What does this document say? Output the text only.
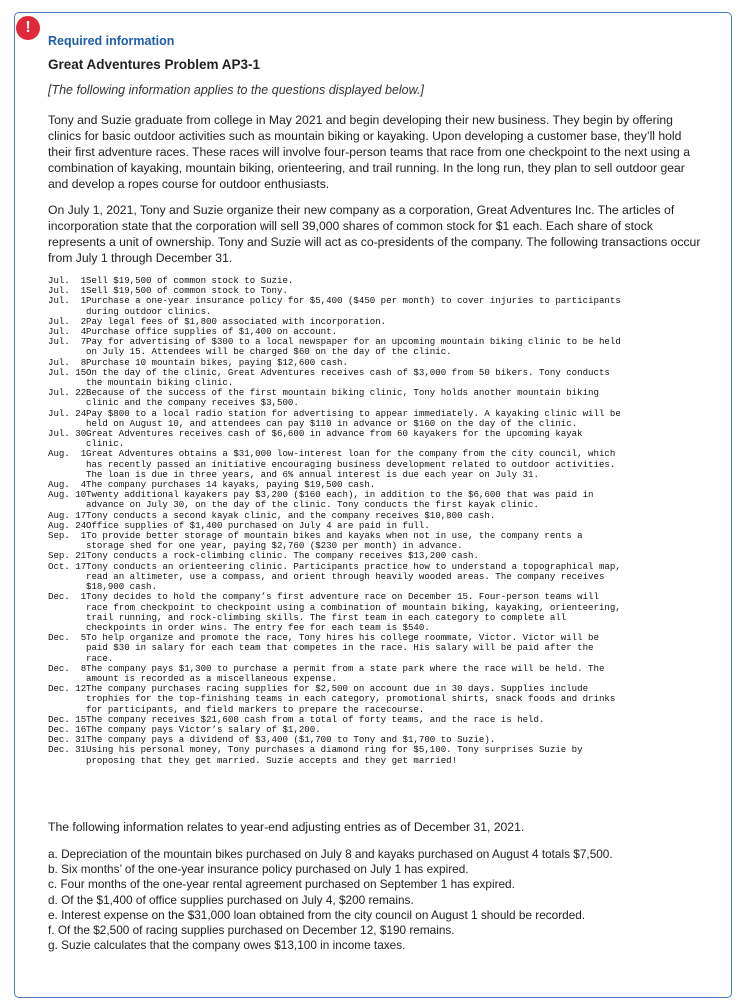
!
Required information
Great Adventures Problem AP3-1
[The following information applies to the questions displayed below.]

Tony and Suzie graduate from college in May 2021 and begin developing their new business. They begin by offering clinics for basic outdoor activities such as mountain biking or kayaking. Upon developing a customer base, they’ll hold their first adventure races. These races will involve four-person teams that race from one checkpoint to the next using a combination of kayaking, mountain biking, orienteering, and trail running. In the long run, they plan to sell outdoor gear and develop a ropes course for outdoor enthusiasts.

On July 1, 2021, Tony and Suzie organize their new company as a corporation, Great Adventures Inc. The articles of incorporation state that the corporation will sell 39,000 shares of common stock for $1 each. Each share of stock represents a unit of ownership. Tony and Suzie will act as co-presidents of the company. The following transactions occur from July 1 through December 31.

Jul.  1 Sell $19,500 of common stock to Suzie.
Jul.  1 Sell $19,500 of common stock to Tony.
Jul.  1 Purchase a one-year insurance policy for $5,400 ($450 per month) to cover injuries to participants
during outdoor clinics.
Jul.  2 Pay legal fees of $1,800 associated with incorporation.
Jul.  4 Purchase office supplies of $1,400 on account.
Jul.  7 Pay for advertising of $300 to a local newspaper for an upcoming mountain biking clinic to be held
on July 15. Attendees will be charged $60 on the day of the clinic.
Jul.  8 Purchase 10 mountain bikes, paying $12,600 cash.
Jul. 15 On the day of the clinic, Great Adventures receives cash of $3,000 from 50 bikers. Tony conducts
the mountain biking clinic.
Jul. 22 Because of the success of the first mountain biking clinic, Tony holds another mountain biking
clinic and the company receives $3,500.
Jul. 24 Pay $800 to a local radio station for advertising to appear immediately. A kayaking clinic will be
held on August 10, and attendees can pay $110 in advance or $160 on the day of the clinic.
Jul. 30 Great Adventures receives cash of $6,600 in advance from 60 kayakers for the upcoming kayak
clinic.
Aug.  1 Great Adventures obtains a $31,000 low-interest loan for the company from the city council, which
has recently passed an initiative encouraging business development related to outdoor activities.
The loan is due in three years, and 6% annual interest is due each year on July 31.
Aug.  4 The company purchases 14 kayaks, paying $19,500 cash.
Aug. 10 Twenty additional kayakers pay $3,200 ($160 each), in addition to the $6,600 that was paid in
advance on July 30, on the day of the clinic. Tony conducts the first kayak clinic.
Aug. 17 Tony conducts a second kayak clinic, and the company receives $10,800 cash.
Aug. 24 Office supplies of $1,400 purchased on July 4 are paid in full.
Sep.  1 To provide better storage of mountain bikes and kayaks when not in use, the company rents a
storage shed for one year, paying $2,760 ($230 per month) in advance.
Sep. 21 Tony conducts a rock-climbing clinic. The company receives $13,200 cash.
Oct. 17 Tony conducts an orienteering clinic. Participants practice how to understand a topographical map,
read an altimeter, use a compass, and orient through heavily wooded areas. The company receives
$18,900 cash.
Dec.  1 Tony decides to hold the company’s first adventure race on December 15. Four-person teams will
race from checkpoint to checkpoint using a combination of mountain biking, kayaking, orienteering,
trail running, and rock-climbing skills. The first team in each category to complete all
checkpoints in order wins. The entry fee for each team is $540.
Dec.  5 To help organize and promote the race, Tony hires his college roommate, Victor. Victor will be
paid $30 in salary for each team that competes in the race. His salary will be paid after the
race.
Dec.  8 The company pays $1,300 to purchase a permit from a state park where the race will be held. The
amount is recorded as a miscellaneous expense.
Dec. 12 The company purchases racing supplies for $2,500 on account due in 30 days. Supplies include
trophies for the top-finishing teams in each category, promotional shirts, snack foods and drinks
for participants, and field markers to prepare the racecourse.
Dec. 15 The company receives $21,600 cash from a total of forty teams, and the race is held.
Dec. 16 The company pays Victor’s salary of $1,200.
Dec. 31 The company pays a dividend of $3,400 ($1,700 to Tony and $1,700 to Suzie).
Dec. 31 Using his personal money, Tony purchases a diamond ring for $5,100. Tony surprises Suzie by
proposing that they get married. Suzie accepts and they get married!
The following information relates to year-end adjusting entries as of December 31, 2021.
a. Depreciation of the mountain bikes purchased on July 8 and kayaks purchased on August 4 totals $7,500.
b. Six months’ of the one-year insurance policy purchased on July 1 has expired.
c. Four months of the one-year rental agreement purchased on September 1 has expired.
d. Of the $1,400 of office supplies purchased on July 4, $200 remains.
e. Interest expense on the $31,000 loan obtained from the city council on August 1 should be recorded.
f. Of the $2,500 of racing supplies purchased on December 12, $190 remains.
g. Suzie calculates that the company owes $13,100 in income taxes.
